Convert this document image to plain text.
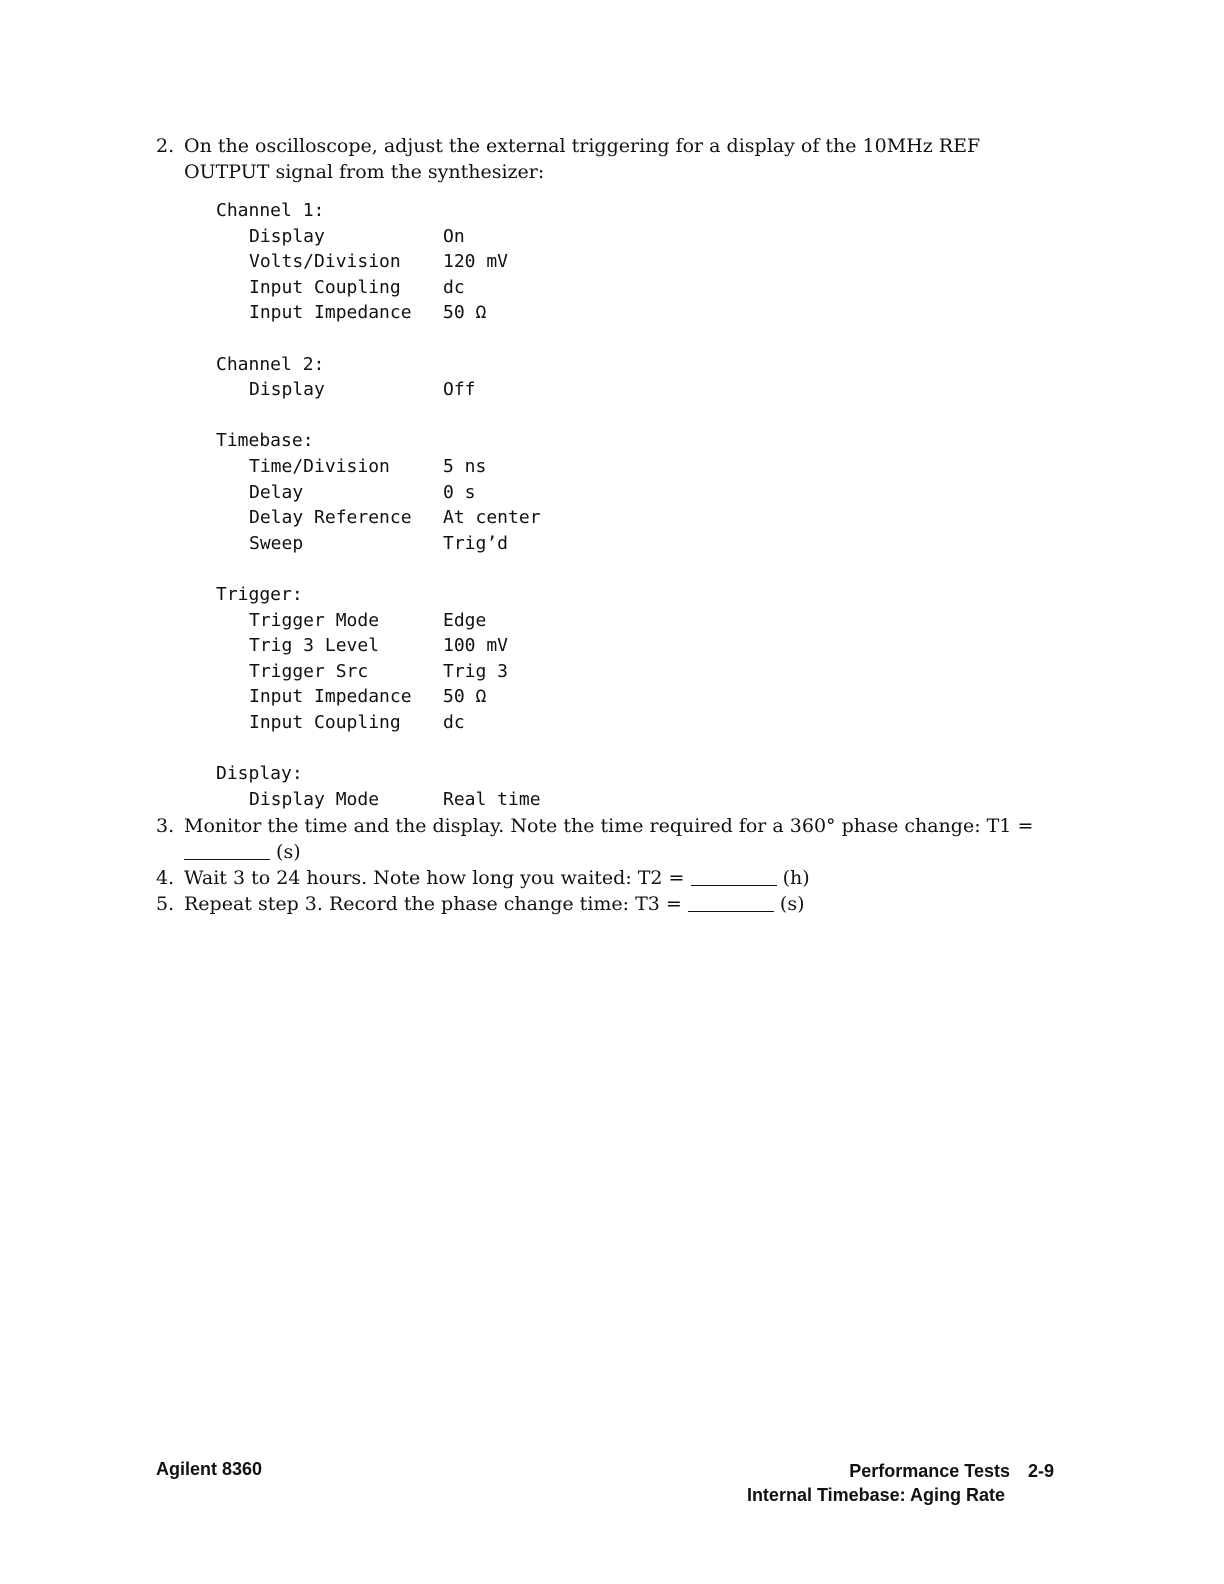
2. On the oscilloscope, adjust the external triggering for a display of the 10MHz REF
OUTPUT signal from the synthesizer:
Channel 1:
Display	On
Volts/Division 120 mV
Input Coupling dc
Input Impedance 50 Ω
Channel 2:
Display	Off
Timebase:
Time/Division	5 ns
Delay	0 s
Delay Reference At center
Sweep	Trig’d
Trigger:
Trigger Mode	Edge
Trig 3 Level	100 mV
Trigger Src	Trig 3
Input Impedance 50 Ω
Input Coupling dc
Display:
Display Mode	Real time
3. Monitor the time and the display. Note the time required for a 360° phase change: T1 =
(s)
4. Wait 3 to 24 hours. Note how long you waited: T2 =	(h)
5. Repeat step 3. Record the phase change time: T3 =	(s)
Agilent 8360	Performance Tests 2-9
Internal Timebase: Aging Rate
